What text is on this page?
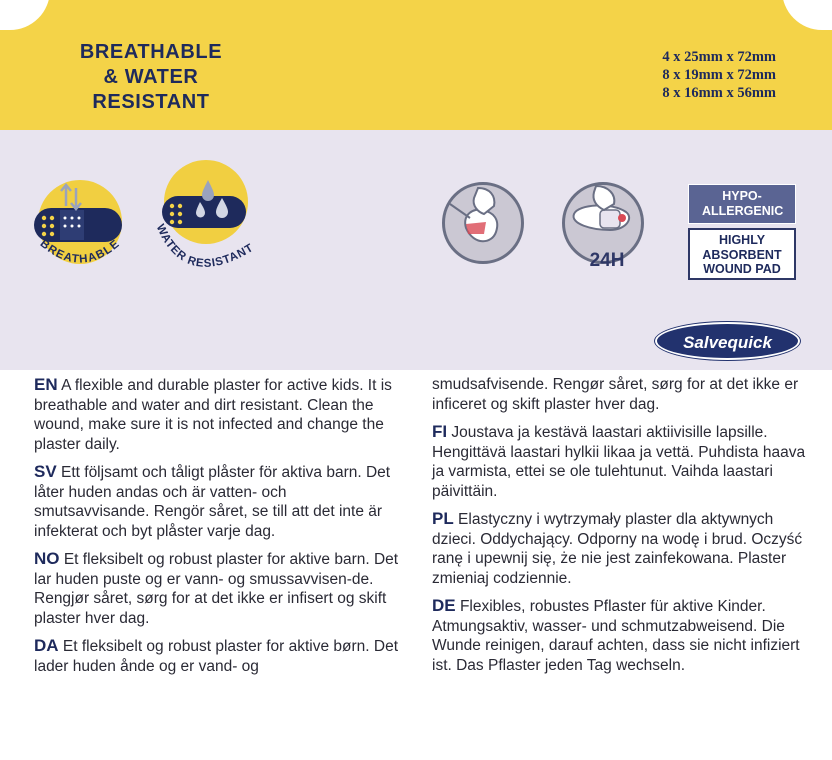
BREATHABLE
& WATER
RESISTANT
4 x 25mm x 72mm
8 x 19mm x 72mm
8 x 16mm x 56mm
BREATHABLE
WATER RESISTANT
24H
HYPO-ALLERGENIC
HIGHLY ABSORBENT WOUND PAD
Salvequick

EN A flexible and durable plaster for active kids. It is breathable and water and dirt resistant. Clean the wound, make sure it is not infected and change the plaster daily.

SV Ett följsamt och tåligt plåster för aktiva barn. Det låter huden andas och är vatten- och smutsavvisande. Rengör såret, se till att det inte är infekterat och byt plåster varje dag.

NO Et fleksibelt og robust plaster for aktive barn. Det lar huden puste og er vann- og smussavvisen-de. Rengjør såret, sørg for at det ikke er infisert og skift plaster hver dag.

DA Et fleksibelt og robust plaster for aktive børn. Det lader huden ånde og er vand- og

smudsafvisende. Rengør såret, sørg for at det ikke er inficeret og skift plaster hver dag.

FI Joustava ja kestävä laastari aktiivisille lapsille. Hengittävä laastari hylkii likaa ja vettä. Puhdista haava ja varmista, ettei se ole tulehtunut. Vaihda laastari päivittäin.

PL Elastyczny i wytrzymały plaster dla aktywnych dzieci. Oddychający. Odporny na wodę i brud. Oczyść ranę i upewnij się, że nie jest zainfekowana. Plaster zmieniaj codziennie.

DE Flexibles, robustes Pflaster für aktive Kinder. Atmungsaktiv, wasser- und schmutzabweisend. Die Wunde reinigen, darauf achten, dass sie nicht infiziert ist. Das Pflaster jeden Tag wechseln.
